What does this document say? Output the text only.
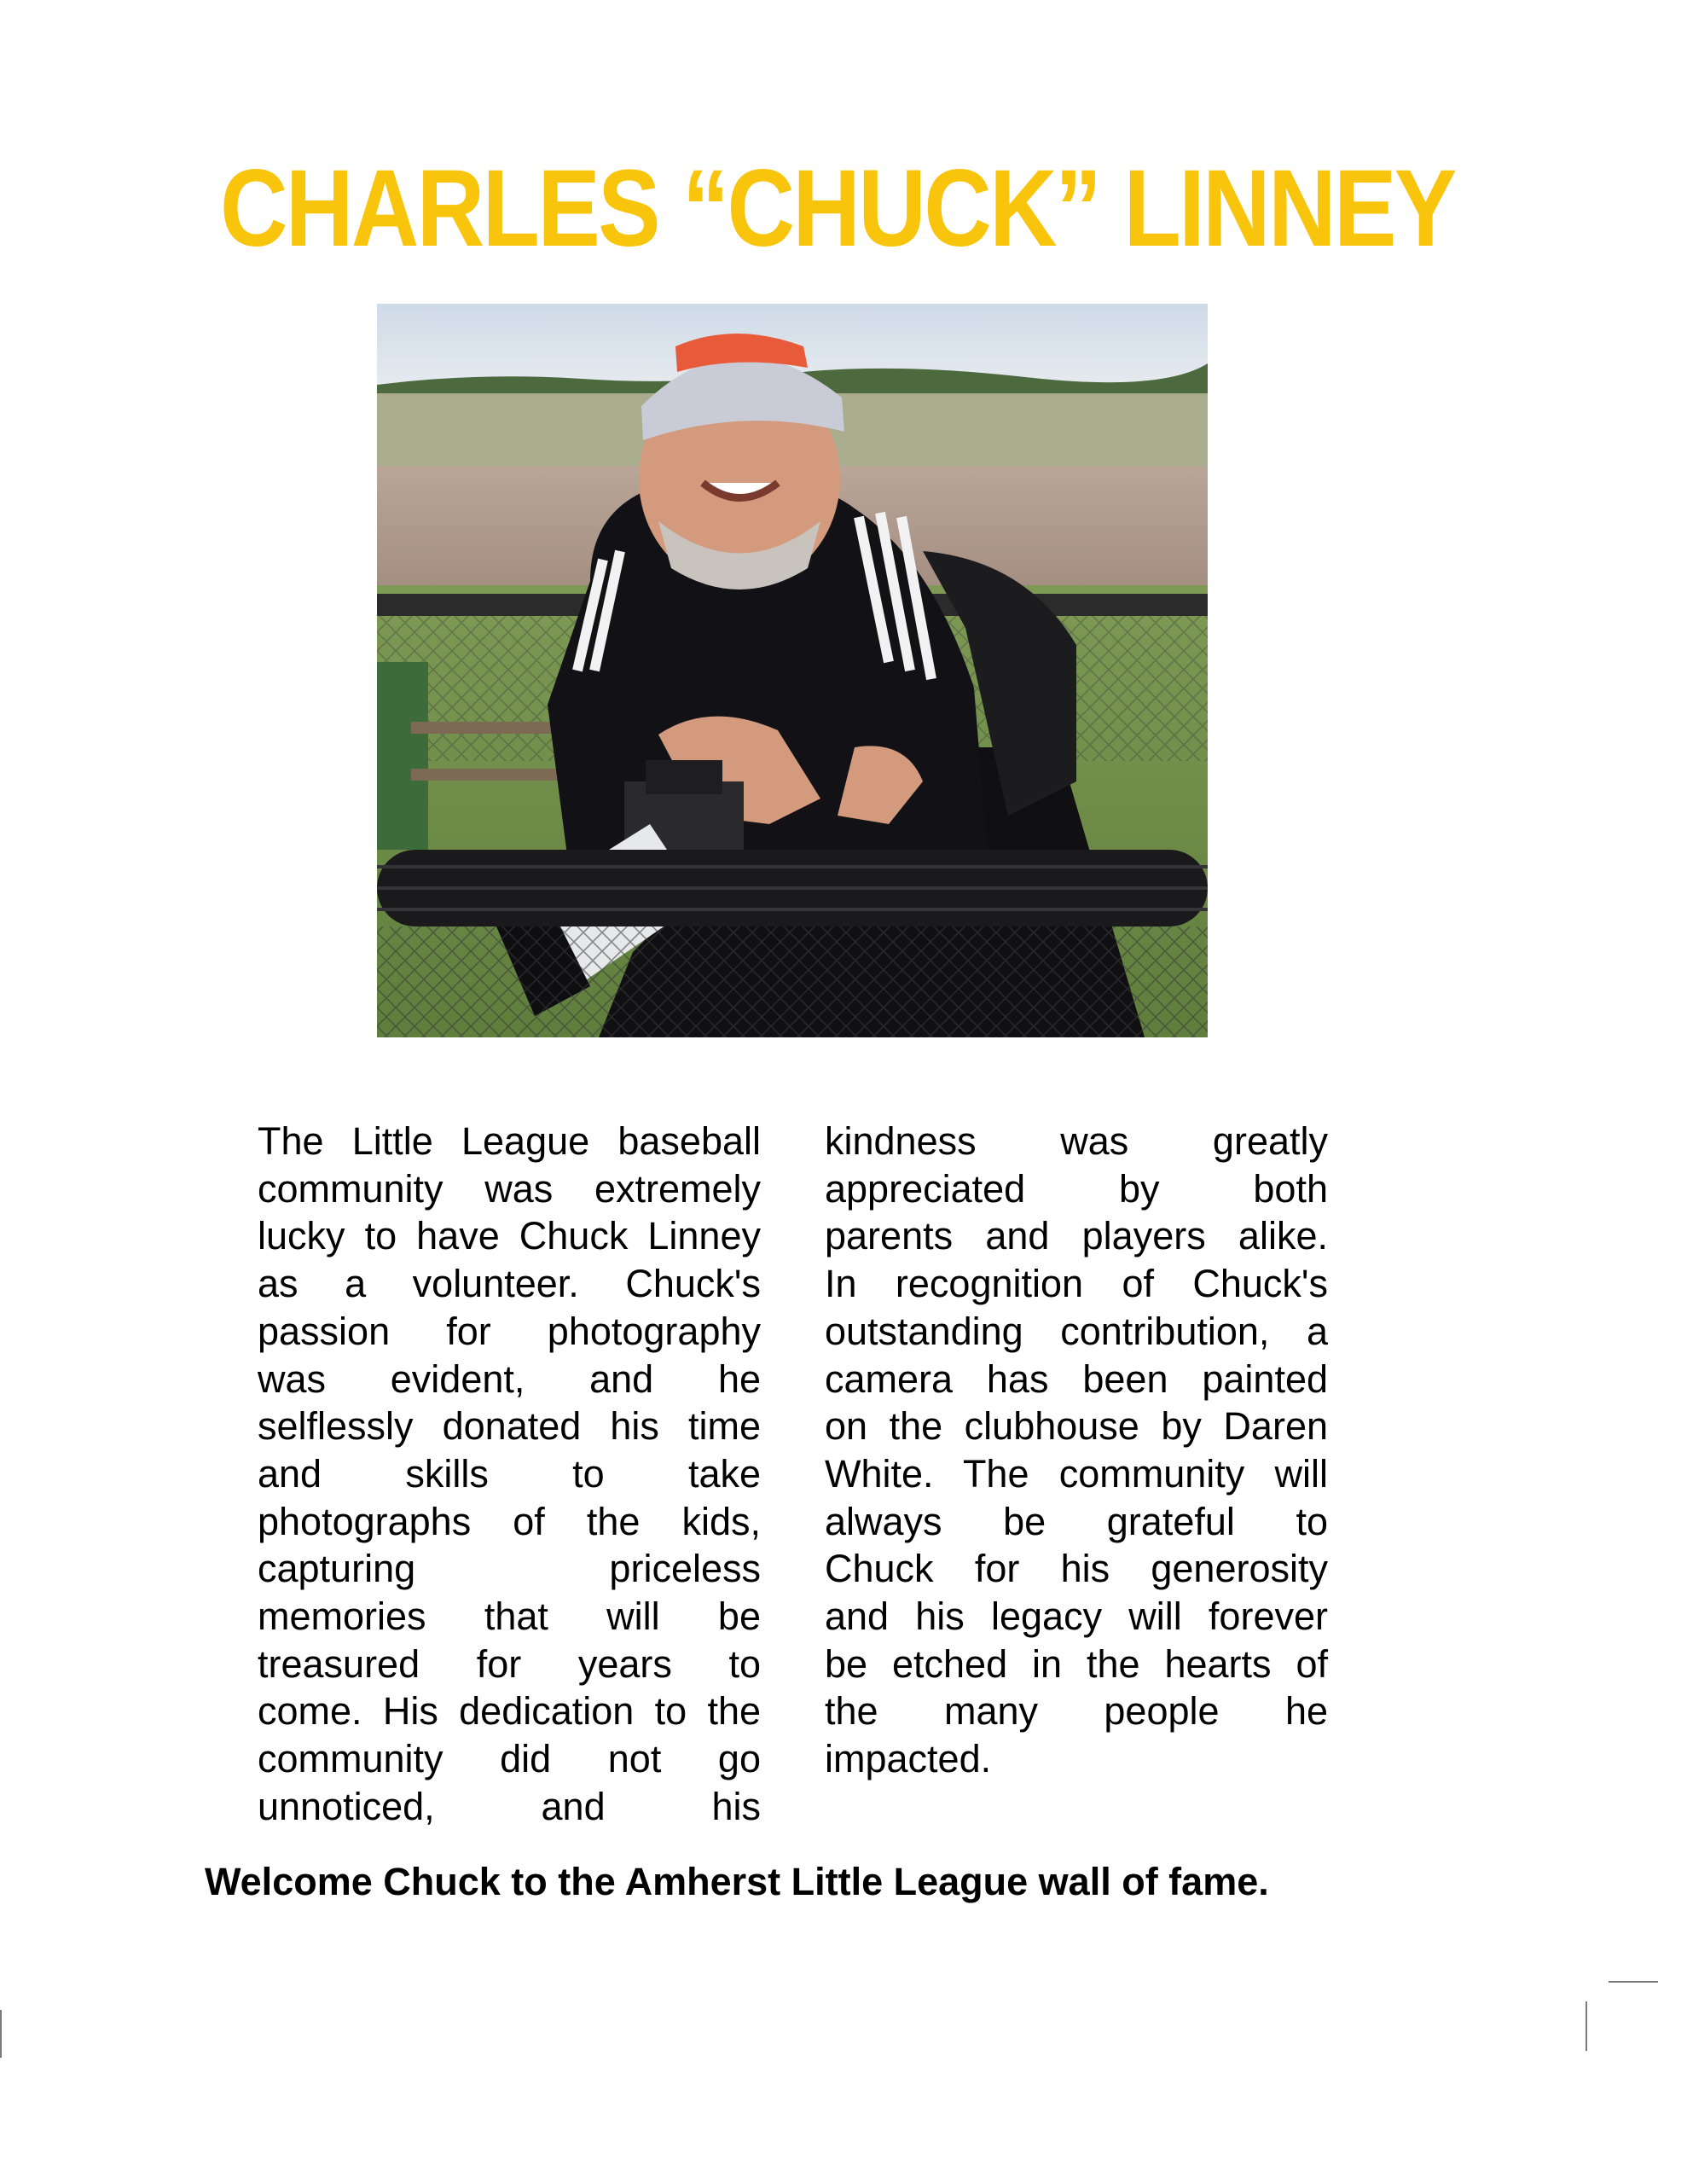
CHARLES “CHUCK” LINNEY
The Little League baseball
community was extremely
lucky to have Chuck Linney
as a volunteer. Chuck's
passion for photography
was evident, and he
selflessly donated his time
and skills to take
photographs of the kids,
capturing priceless
memories that will be
treasured for years to
come. His dedication to the
community did not go
unnoticed, and his
kindness was greatly
appreciated by both
parents and players alike.
In recognition of Chuck's
outstanding contribution, a
camera has been painted
on the clubhouse by Daren
White. The community will
always be grateful to
Chuck for his generosity
and his legacy will forever
be etched in the hearts of
the many people he
impacted.

Welcome Chuck to the Amherst Little League wall of fame.
